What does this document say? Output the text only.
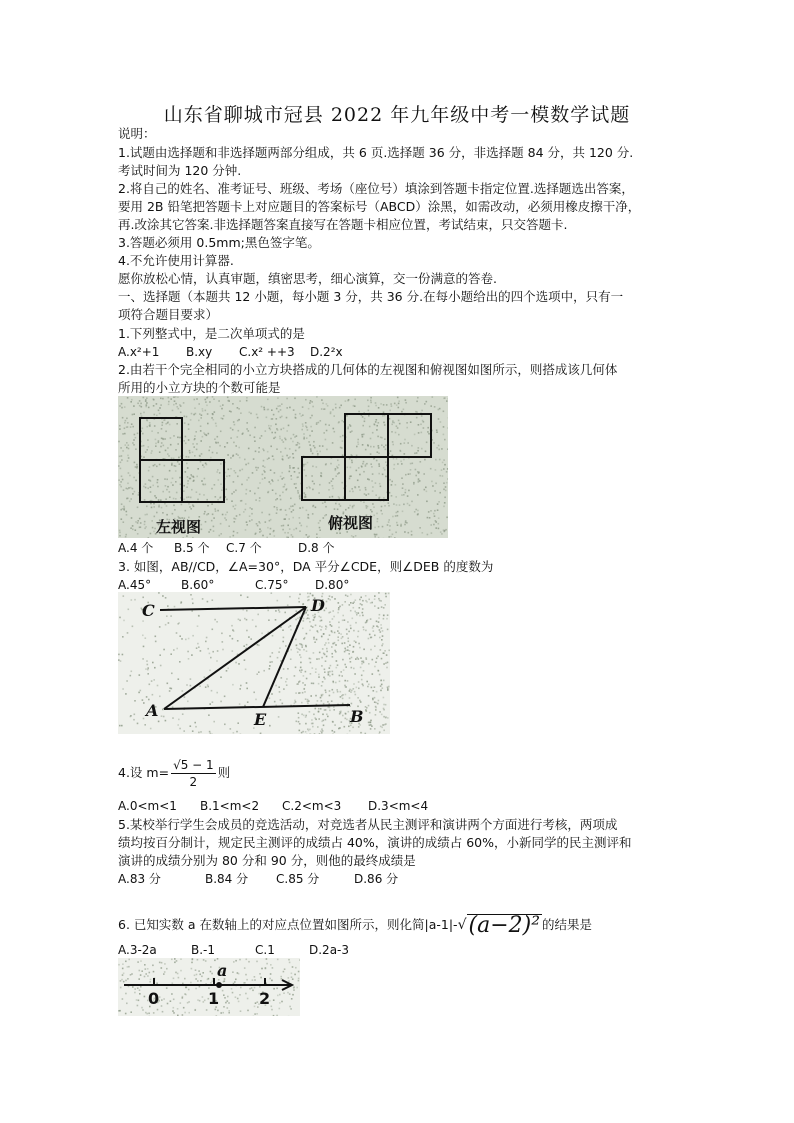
山东省聊城市冠县 2022 年九年级中考一模数学试题
说明：
1.试题由选择题和非选择题两部分组成，共 6 页.选择题 36 分，非选择题 84 分，共 120 分.
考试时间为 120 分钟.
2.将自己的姓名、准考证号、班级、考场（座位号）填涂到答题卡指定位置.选择题选出答案，
要用 2B 铅笔把答题卡上对应题目的答案标号（ABCD）涂黑，如需改动，必须用橡皮擦干净，
再.改涂其它答案.非选择题答案直接写在答题卡相应位置，考试结束，只交答题卡.
3.答题必须用 0.5mm;黑色签字笔。
4.不允许使用计算器.
愿你放松心情，认真审题，缜密思考，细心演算，交一份满意的答卷.
一、选择题（本题共 12 小题，每小题 3 分，共 36 分.在每小题给出的四个选项中，只有一
项符合题目要求）
1.下列整式中，是二次单项式的是
A.x²+1 B.xy C.x² ++3 D.2²x
2.由若干个完全相同的小立方块搭成的几何体的左视图和俯视图如图所示，则搭成该几何体
所用的小立方块的个数可能是
左视图	俯视图
A.4 个 B.5 个 C.7 个	D.8 个
3. 如图，AB//CD，∠A=30°，DA 平分∠CDE，则∠DEB 的度数为
A.45° B.60°	C.75° D.80°
C	D
A	E	B
4.设 $m= \frac{√5 - 1}{2}$ 则
A.0<m<1 B.1<m<2 C.2<m<3 D.3<m<4
5.某校举行学生会成员的竞选活动，对竞选者从民主测评和演讲两个方面进行考核，两项成
绩均按百分制计，规定民主测评的成绩占 40%，演讲的成绩占 60%，小新同学的民主测评和
演讲的成绩分别为 80 分和 90 分，则他的最终成绩是
A.83 分	B.84 分 C.85 分	D.86 分
6. 已知实数 a 在数轴上的对应点位置如图所示，则化简|a-1|-√(a−2)² 的结果是
A.3-2a	B.-1	C.1	D.2a-3
0	1 2
a
